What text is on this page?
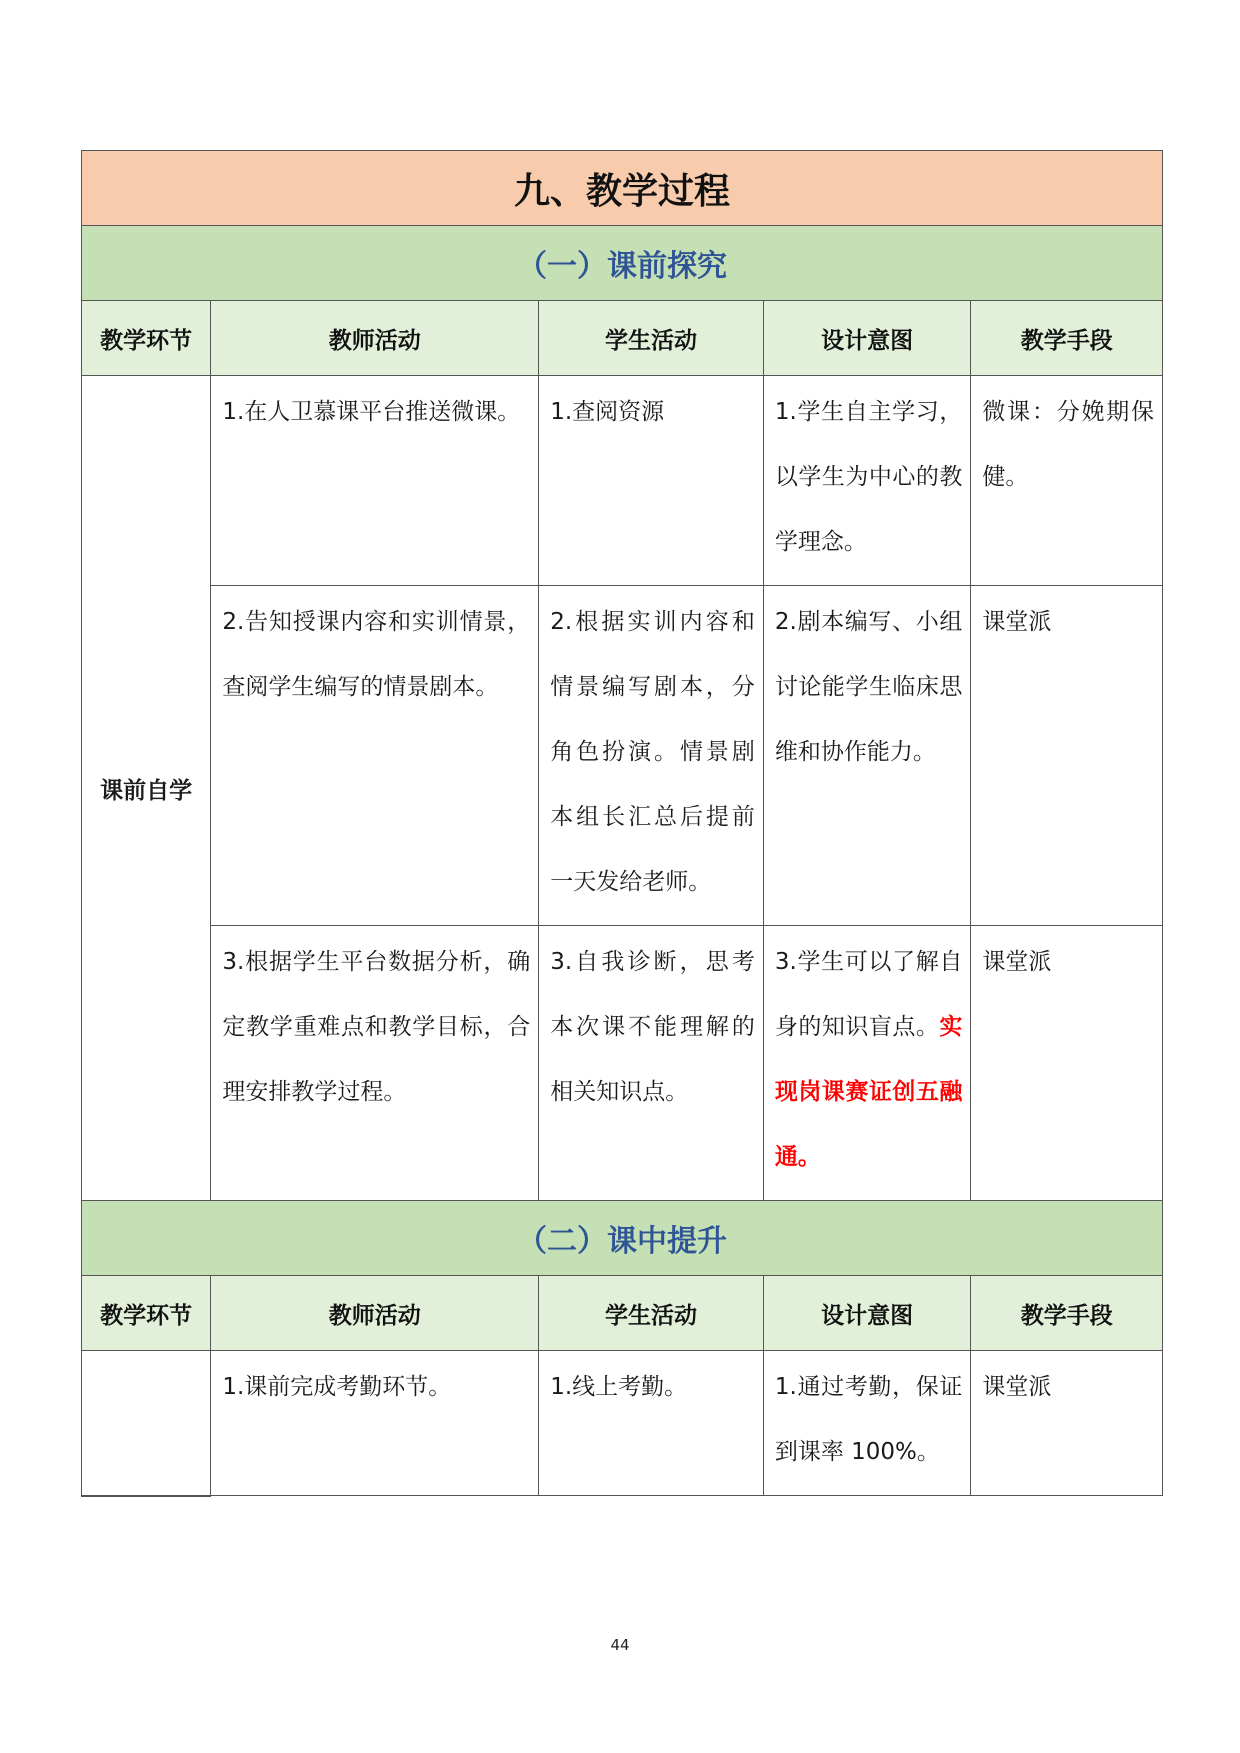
九、教学过程				
（一）课前探究				
教学环节	教师活动	学生活动	设计意图	教学手段
课前自学	1.在人卫慕课平台推送微课。	1.查阅资源	1.学生自主学习，以学生为中心的教学理念。	微课：分娩期保健。

	2.告知授课内容和实训情景，查阅学生编写的情景剧本。	2.根据实训内容和情景编写剧本，分角色扮演。情景剧本组长汇总后提前一天发给老师。	2.剧本编写、小组讨论能学生临床思维和协作能力。	课堂派

	3.根据学生平台数据分析，确定教学重难点和教学目标，合理安排教学过程。	3.自我诊断，思考本次课不能理解的相关知识点。	3.学生可以了解自身的知识盲点。实现岗课赛证创五融通。	课堂派

（二）课中提升				
教学环节	教师活动	学生活动	设计意图	教学手段

	1.课前完成考勤环节。	1.线上考勤。	1.通过考勤，保证到课率 100%。	课堂派
44
